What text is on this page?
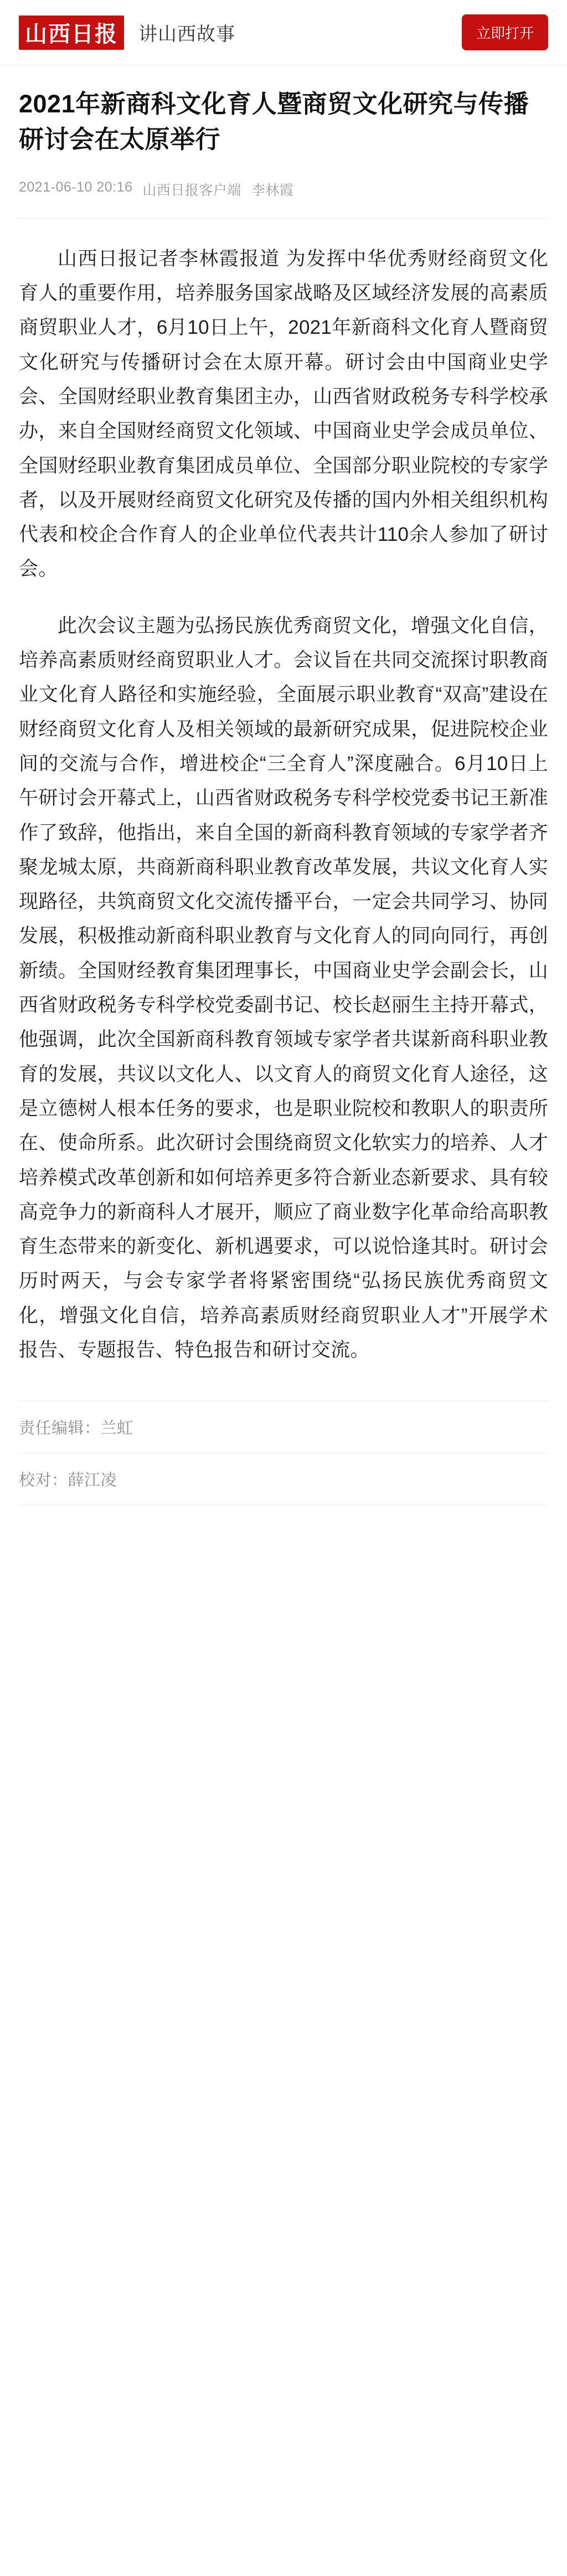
山西日报	讲山西故事	立即打开
2021年新商科文化育人暨商贸文化研究与传播研讨会在太原举行
2021-06-10 20:16 山西日报客户端 李林霞

山西日报记者李林霞报道 为发挥中华优秀财经商贸文化育人的重要作用，培养服务国家战略及区域经济发展的高素质商贸职业人才，6月10日上午，2021年新商科文化育人暨商贸文化研究与传播研讨会在太原开幕。研讨会由中国商业史学会、全国财经职业教育集团主办，山西省财政税务专科学校承办，来自全国财经商贸文化领域、中国商业史学会成员单位、全国财经职业教育集团成员单位、全国部分职业院校的专家学者，以及开展财经商贸文化研究及传播的国内外相关组织机构代表和校企合作育人的企业单位代表共计110余人参加了研讨会。

此次会议主题为弘扬民族优秀商贸文化，增强文化自信，培养高素质财经商贸职业人才。会议旨在共同交流探讨职教商业文化育人路径和实施经验，全面展示职业教育“双高”建设在财经商贸文化育人及相关领域的最新研究成果，促进院校企业间的交流与合作，增进校企“三全育人”深度融合。6月10日上午研讨会开幕式上，山西省财政税务专科学校党委书记王新准作了致辞，他指出，来自全国的新商科教育领域的专家学者齐聚龙城太原，共商新商科职业教育改革发展，共议文化育人实现路径，共筑商贸文化交流传播平台，一定会共同学习、协同发展，积极推动新商科职业教育与文化育人的同向同行，再创新绩。全国财经教育集团理事长，中国商业史学会副会长，山西省财政税务专科学校党委副书记、校长赵丽生主持开幕式，他强调，此次全国新商科教育领域专家学者共谋新商科职业教育的发展，共议以文化人、以文育人的商贸文化育人途径，这是立德树人根本任务的要求，也是职业院校和教职人的职责所在、使命所系。此次研讨会围绕商贸文化软实力的培养、人才培养模式改革创新和如何培养更多符合新业态新要求、具有较高竞争力的新商科人才展开，顺应了商业数字化革命给高职教育生态带来的新变化、新机遇要求，可以说恰逢其时。研讨会历时两天，与会专家学者将紧密围绕“弘扬民族优秀商贸文化，增强文化自信，培养高素质财经商贸职业人才”开展学术报告、专题报告、特色报告和研讨交流。

责任编辑：兰虹
校对：薛江凌
